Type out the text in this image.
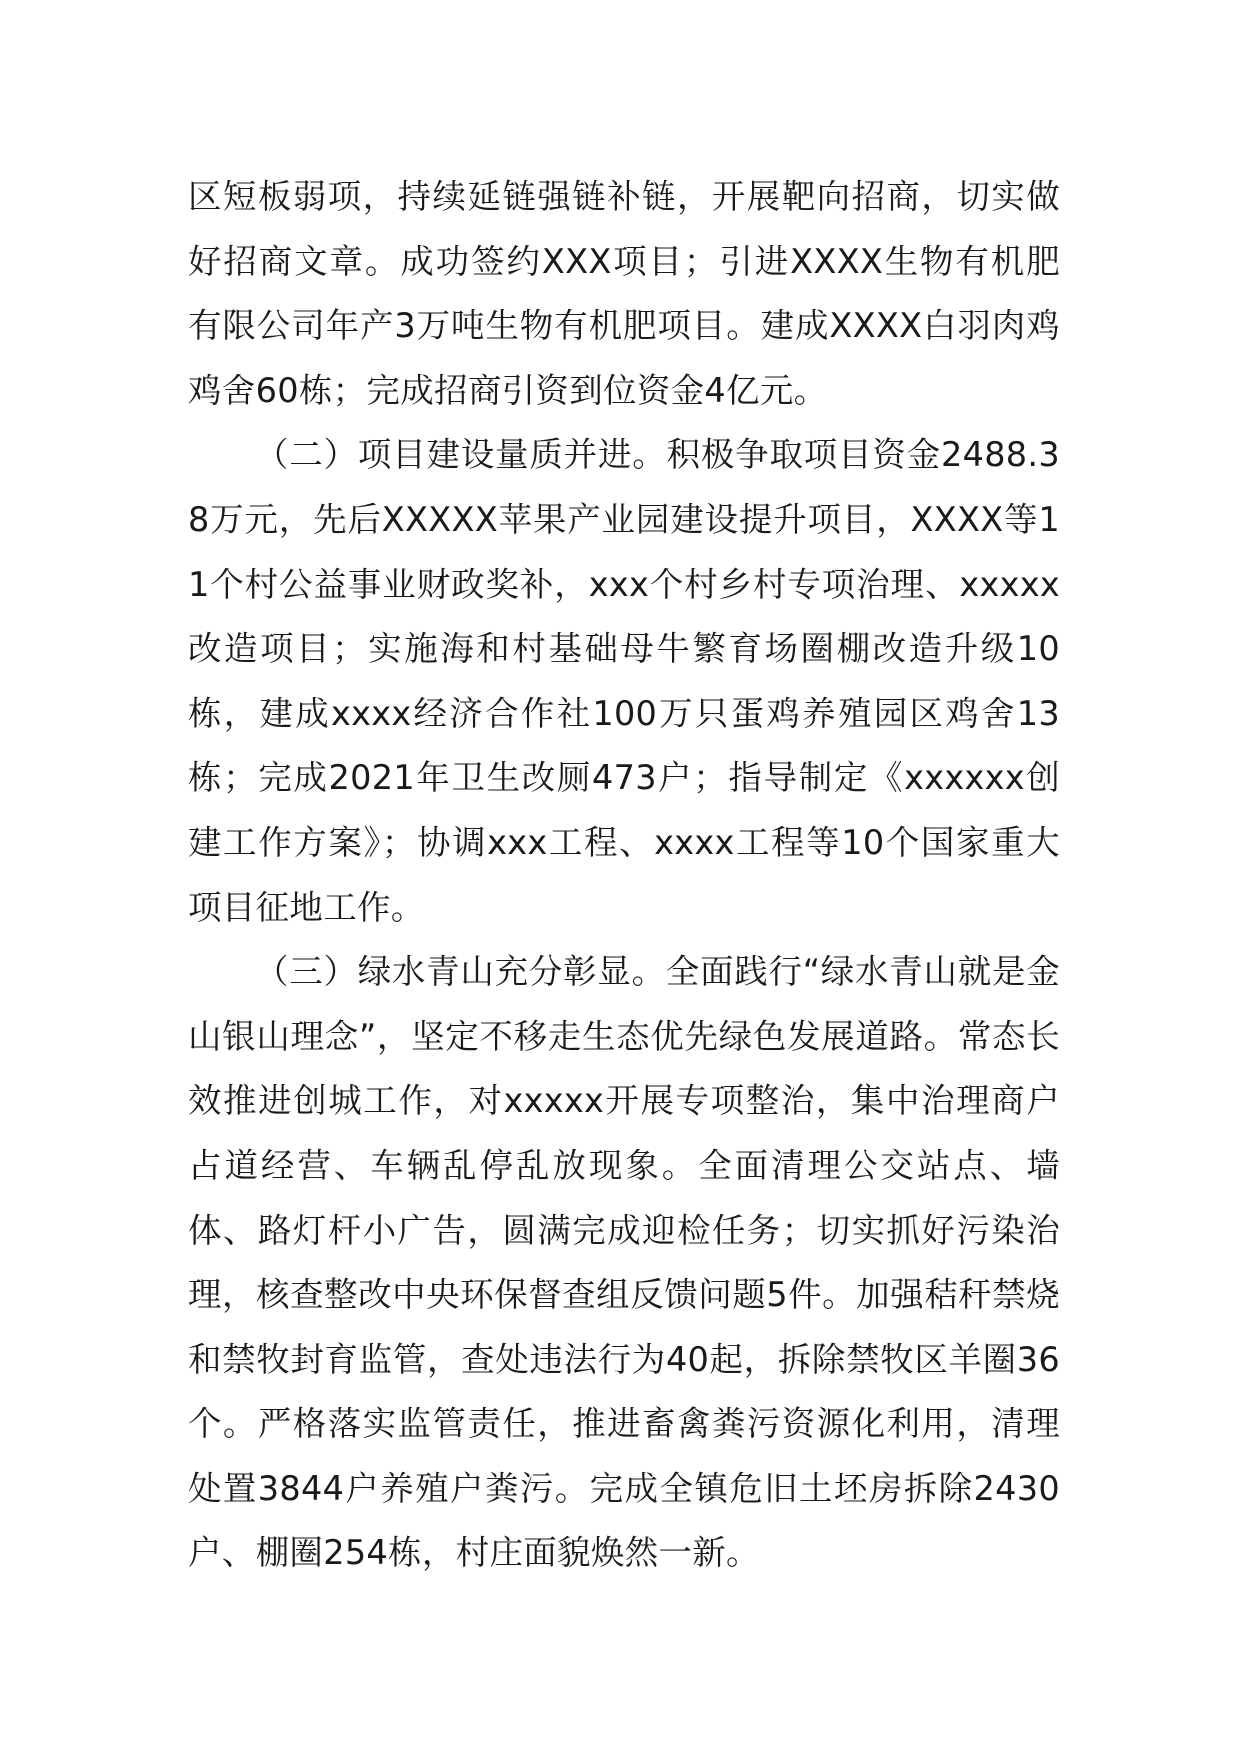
区短板弱项，持续延链强链补链，开展靶向招商，切实做好招商文章。成功签约XXX项目；引进XXXX生物有机肥有限公司年产3万吨生物有机肥项目。建成XXXX白羽肉鸡鸡舍60栋；完成招商引资到位资金4亿元。

（二）项目建设量质并进。积极争取项目资金2488.38万元，先后XXXXX苹果产业园建设提升项目，XXXX等11个村公益事业财政奖补，xxx个村乡村专项治理、xxxxx改造项目；实施海和村基础母牛繁育场圈棚改造升级10栋，建成xxxx经济合作社100万只蛋鸡养殖园区鸡舍13栋；完成2021年卫生改厕473户；指导制定《xxxxxx创建工作方案》；协调xxx工程、xxxx工程等10个国家重大项目征地工作。

（三）绿水青山充分彰显。全面践行“绿水青山就是金山银山理念”，坚定不移走生态优先绿色发展道路。常态长效推进创城工作，对xxxxx开展专项整治，集中治理商户占道经营、车辆乱停乱放现象。全面清理公交站点、墙体、路灯杆小广告，圆满完成迎检任务；切实抓好污染治理，核查整改中央环保督查组反馈问题5件。加强秸秆禁烧和禁牧封育监管，查处违法行为40起，拆除禁牧区羊圈36个。严格落实监管责任，推进畜禽粪污资源化利用，清理处置3844户养殖户粪污。完成全镇危旧土坯房拆除2430户、棚圈254栋，村庄面貌焕然一新。
